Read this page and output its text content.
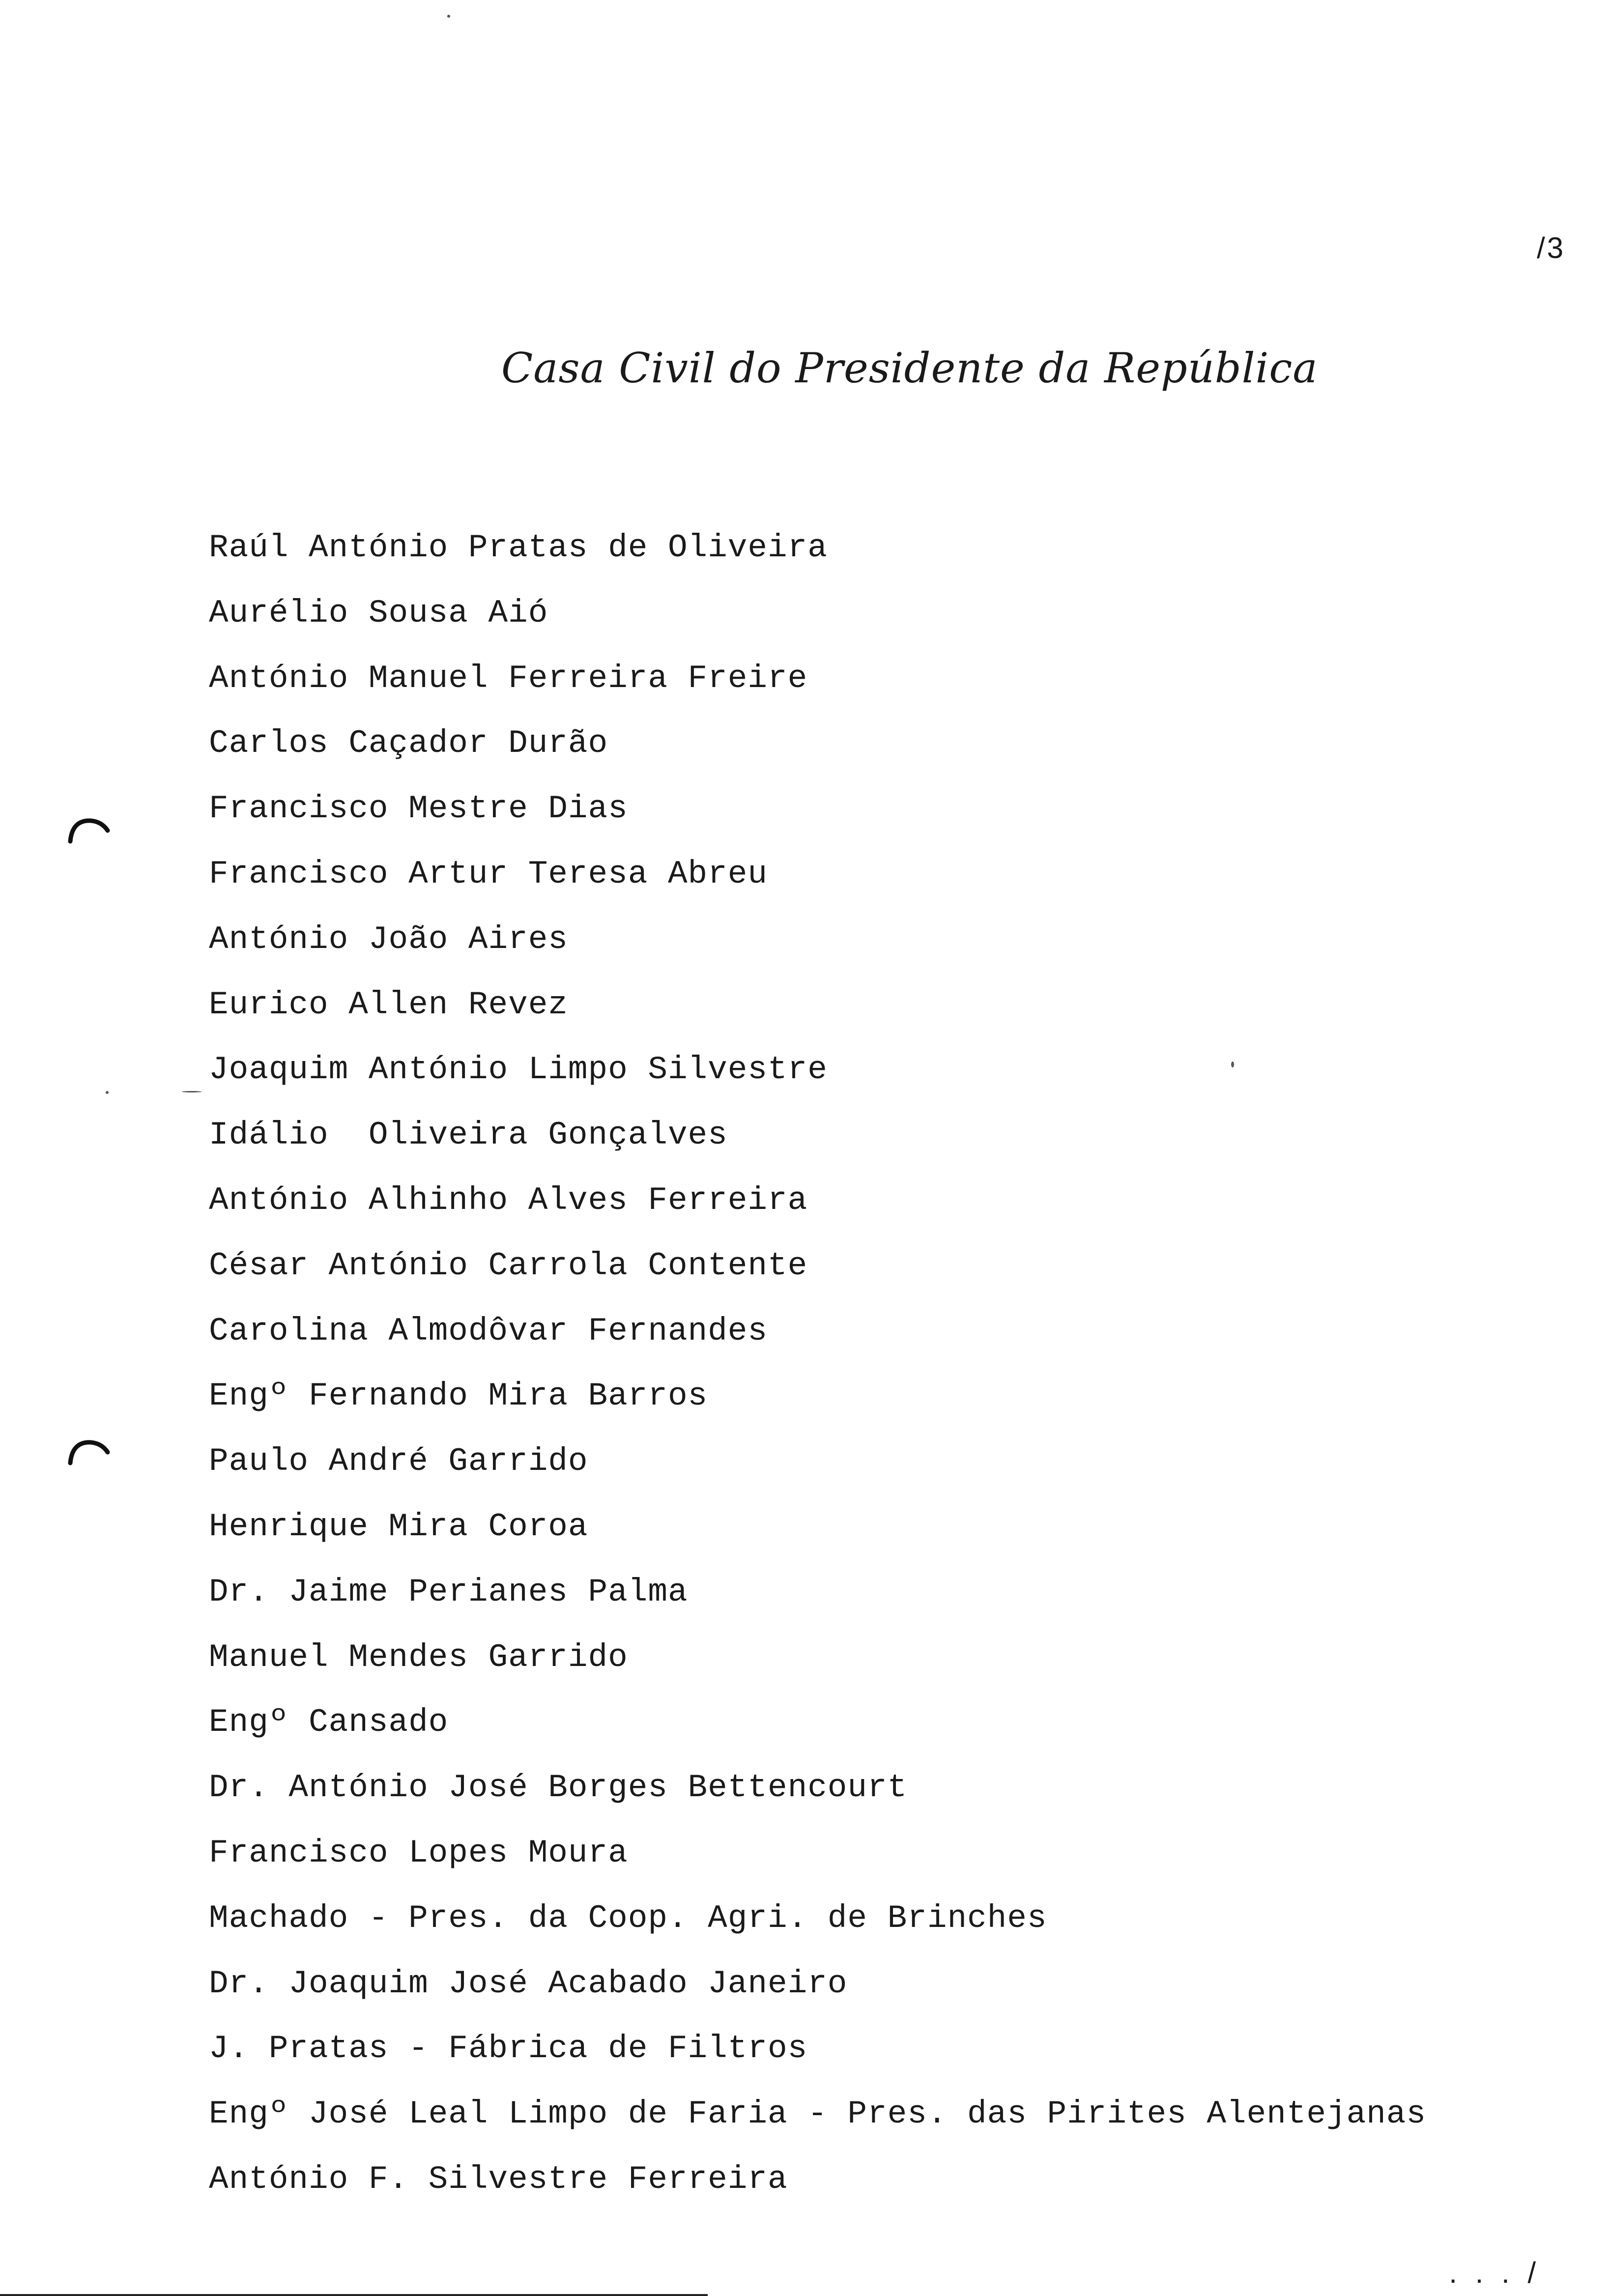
/3
Casa Civil do Presidente da República
Raúl António Pratas de Oliveira
Aurélio Sousa Aió
António Manuel Ferreira Freire
Carlos Caçador Durão
Francisco Mestre Dias
Francisco Artur Teresa Abreu
António João Aires
Eurico Allen Revez
Joaquim António Limpo Silvestre
Idálio  Oliveira Gonçalves
António Alhinho Alves Ferreira
César António Carrola Contente
Carolina Almodôvar Fernandes
Engº Fernando Mira Barros
Paulo André Garrido
Henrique Mira Coroa
Dr. Jaime Perianes Palma
Manuel Mendes Garrido
Engº Cansado
Dr. António José Borges Bettencourt
Francisco Lopes Moura
Machado - Pres. da Coop. Agri. de Brinches
Dr. Joaquim José Acabado Janeiro
J. Pratas - Fábrica de Filtros
Engº José Leal Limpo de Faria - Pres. das Pirites Alentejanas
António F. Silvestre Ferreira
. . . /
